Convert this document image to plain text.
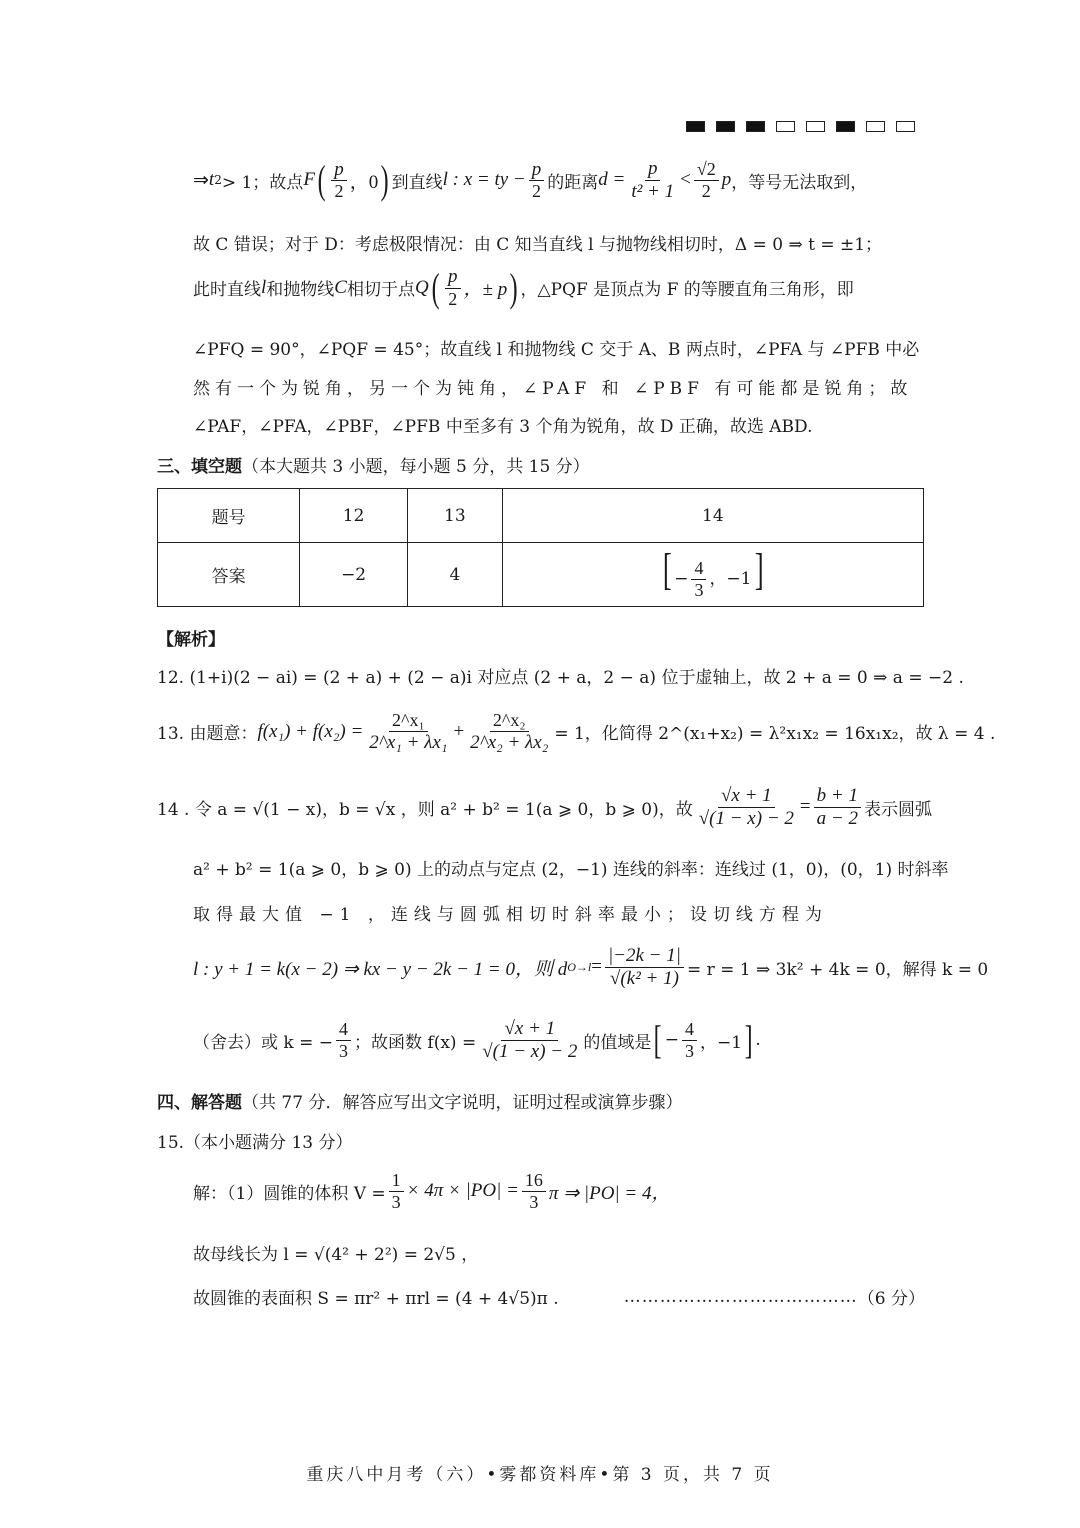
⇒ t 2 > 1；故点 F ( $\frac{p}{2}$ ，0 ) 到直线 l : x = ty − $\frac{p}{2}$ 的距离 $d = \frac{p}{\text{t² + 1}} < \frac{√2}{2}$ p ，等号无法取到，
故 C 错误；对于 D：考虑极限情况：由 C 知当直线 l 与抛物线相切时，Δ = 0 ⇒ t = ±1；
此时直线 l 和抛物线 C 相切于点 Q ( $\frac{p}{2}$ ，± p ) ，△PQF 是顶点为 F 的等腰直角三角形，即
∠PFQ = 90°，∠PQF = 45°；故直线 l 和抛物线 C 交于 A、B 两点时，∠PFA 与 ∠PFB 中必
然有一个为锐角，另一个为钝角，∠PAF 和 ∠PBF 有可能都是锐角；故
∠PAF，∠PFA，∠PBF，∠PFB 中至多有 3 个角为锐角，故 D 正确，故选 ABD.
三、填空题（本大题共 3 小题，每小题 5 分，共 15 分）
题号	12	13	14
答案	−2	4	[ − $\frac{4}{3}$ ，−1]
【解析】
12. (1+i)(2 − ai) = (2 + a) + (2 − a)i 对应点 (2 + a，2 − a) 位于虚轴上，故 2 + a = 0 ⇒ a = −2 .
13. 由题意： $f(x_1) + f(x_2) = \frac{\text{2\textasciicircum{}x₁}}{\text{2\textasciicircum{}x₁ + λx₁}} + \frac{\text{2\textasciicircum{}x₂}}{\text{2\textasciicircum{}x₂ + λx₂}} = 1$，化简得 2^(x₁+x₂) = λ²x₁x₂ = 16x₁x₂，故 λ = 4 .
14 . 令 a = √(1 − x)，b = √x ，则 a² + b² = 1(a ⩾ 0，b ⩾ 0)，故 $\frac{√x + 1}{√(1 - x) - 2} = \frac{b + 1}{a - 2}$ 表示圆弧
a² + b² = 1(a ⩾ 0，b ⩾ 0) 上的动点与定点 (2，−1) 连线的斜率：连线过 (1，0)，(0，1) 时斜率
取得最大值 −1 ，连线与圆弧相切时斜率最小；设切线方程为
l : y + 1 = k(x − 2) ⇒ kx − y − 2k − 1 = 0，则 d $O\to l = \frac{|-2k - 1|}{\text{√(k² + 1)}} = r = 1$ ⇒ 3k² + 4k = 0，解得 k = 0
（舍去）或 k = − $\frac{4}{3}$ ；故函数 $f(x) = \frac{√x + 1}{√(1 - x) - 2}$ 的值域是 [ − $\frac{4}{3}$ ，−1 ] .
四、解答题（共 77 分．解答应写出文字说明，证明过程或演算步骤）
15.（本小题满分 13 分）
解：（1）圆锥的体积 $V = \frac{1}{3} \times 4\pi \times |PO| = \frac{16}{3}$ π ⇒ |PO| = 4，
故母线长为 l = √(4² + 2²) = 2√5 ，
故圆锥的表面积 S = πr² + πrl = (4 + 4√5)π .	………………………………… （6 分）
重庆八中月考（六）•雾都资料库•第 3 页，共 7 页
